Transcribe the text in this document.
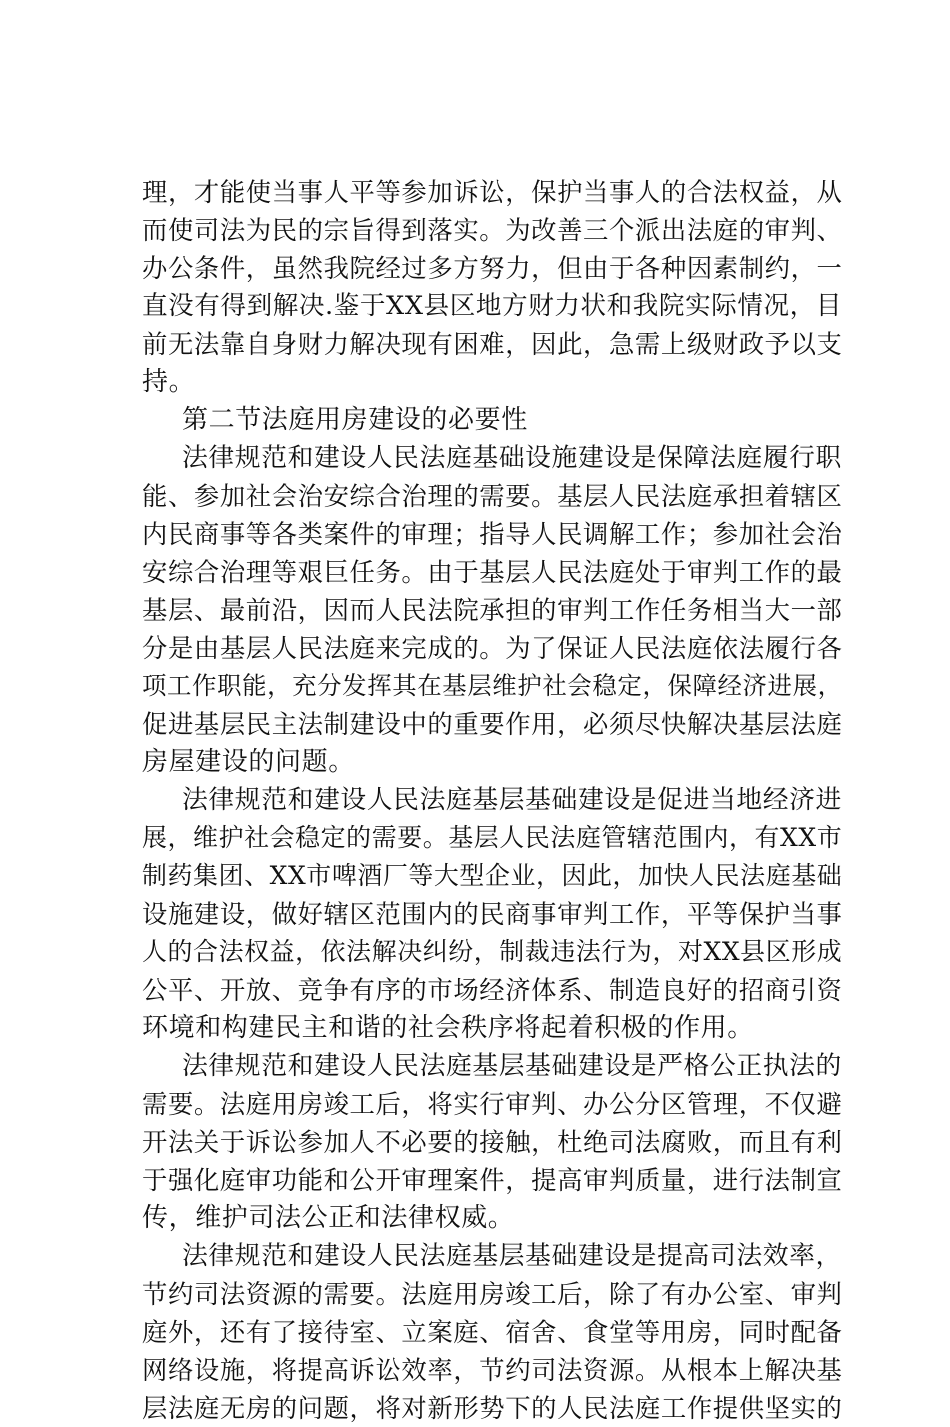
理，才能使当事人平等参加诉讼，保护当事人的合法权益，从
而使司法为民的宗旨得到落实。为改善三个派出法庭的审判、
办公条件，虽然我院经过多方努力，但由于各种因素制约，一
直没有得到解决.鉴于XX县区地方财力状和我院实际情况，目
前无法靠自身财力解决现有困难，因此，急需上级财政予以支
持。
第二节法庭用房建设的必要性
法律规范和建设人民法庭基础设施建设是保障法庭履行职
能、参加社会治安综合治理的需要。基层人民法庭承担着辖区
内民商事等各类案件的审理；指导人民调解工作；参加社会治
安综合治理等艰巨任务。由于基层人民法庭处于审判工作的最
基层、最前沿，因而人民法院承担的审判工作任务相当大一部
分是由基层人民法庭来完成的。为了保证人民法庭依法履行各
项工作职能，充分发挥其在基层维护社会稳定，保障经济进展，
促进基层民主法制建设中的重要作用，必须尽快解决基层法庭
房屋建设的问题。
法律规范和建设人民法庭基层基础建设是促进当地经济进
展，维护社会稳定的需要。基层人民法庭管辖范围内，有XX市
制药集团、XX市啤酒厂等大型企业，因此，加快人民法庭基础
设施建设，做好辖区范围内的民商事审判工作，平等保护当事
人的合法权益，依法解决纠纷，制裁违法行为，对XX县区形成
公平、开放、竞争有序的市场经济体系、制造良好的招商引资
环境和构建民主和谐的社会秩序将起着积极的作用。
法律规范和建设人民法庭基层基础建设是严格公正执法的
需要。法庭用房竣工后，将实行审判、办公分区管理，不仅避
开法关于诉讼参加人不必要的接触，杜绝司法腐败，而且有利
于强化庭审功能和公开审理案件，提高审判质量，进行法制宣
传，维护司法公正和法律权威。
法律规范和建设人民法庭基层基础建设是提高司法效率，
节约司法资源的需要。法庭用房竣工后，除了有办公室、审判
庭外，还有了接待室、立案庭、宿舍、食堂等用房，同时配备
网络设施，将提高诉讼效率，节约司法资源。从根本上解决基
层法庭无房的问题，将对新形势下的人民法庭工作提供坚实的
